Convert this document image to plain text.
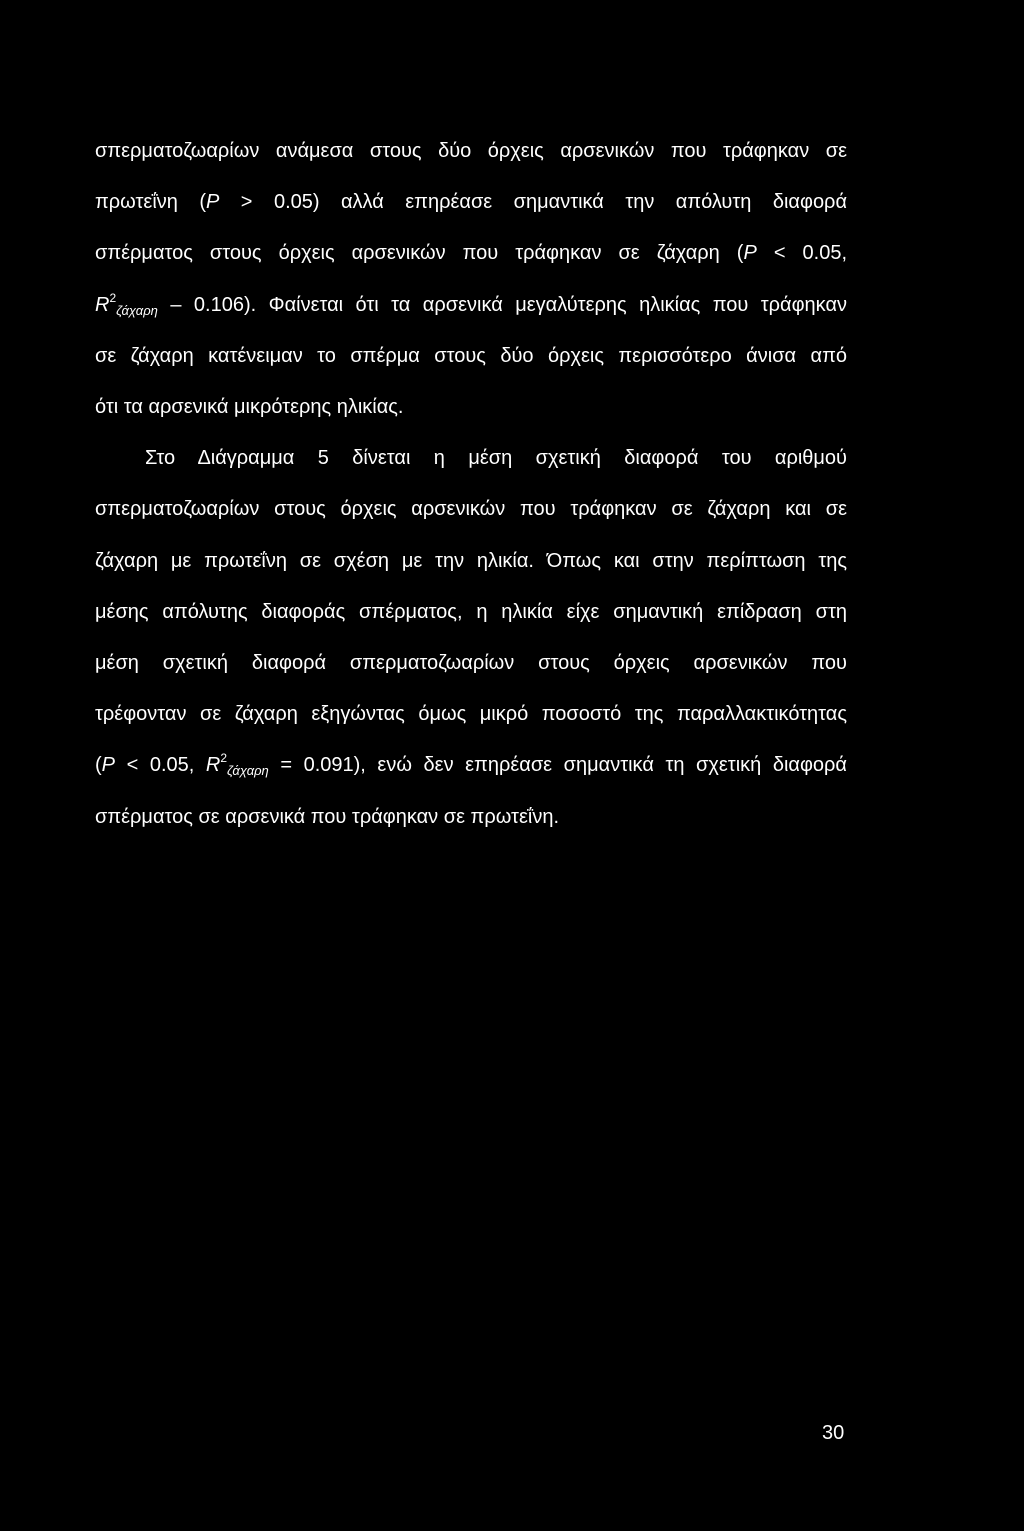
σπερματοζωαρίων ανάμεσα στους δύο όρχεις αρσενικών που τράφηκαν σε
πρωτεΐνη (P > 0.05) αλλά επηρέασε σημαντικά την απόλυτη διαφορά
σπέρματος στους όρχεις αρσενικών που τράφηκαν σε ζάχαρη (P < 0.05,
$R^2_{\zeta ά\chi\alpha\rho\eta} - 0.106$). Φαίνεται ότι τα αρσενικά μεγαλύτερης ηλικίας που τράφηκαν
σε ζάχαρη κατένειμαν το σπέρμα στους δύο όρχεις περισσότερο άνισα από
ότι τα αρσενικά μικρότερης ηλικίας.

Στο Διάγραμμα 5 δίνεται η μέση σχετική διαφορά του αριθμού
σπερματοζωαρίων στους όρχεις αρσενικών που τράφηκαν σε ζάχαρη και σε
ζάχαρη με πρωτεΐνη σε σχέση με την ηλικία. Όπως και στην περίπτωση της
μέσης απόλυτης διαφοράς σπέρματος, η ηλικία είχε σημαντική επίδραση στη
μέση σχετική διαφορά σπερματοζωαρίων στους όρχεις αρσενικών που
τρέφονταν σε ζάχαρη εξηγώντας όμως μικρό ποσοστό της παραλλακτικότητας
(P < 0.05, $R^2_{\zeta ά\chi\alpha\rho\eta} = 0.091$), ενώ δεν επηρέασε σημαντικά τη σχετική διαφορά
σπέρματος σε αρσενικά που τράφηκαν σε πρωτεΐνη.

30
